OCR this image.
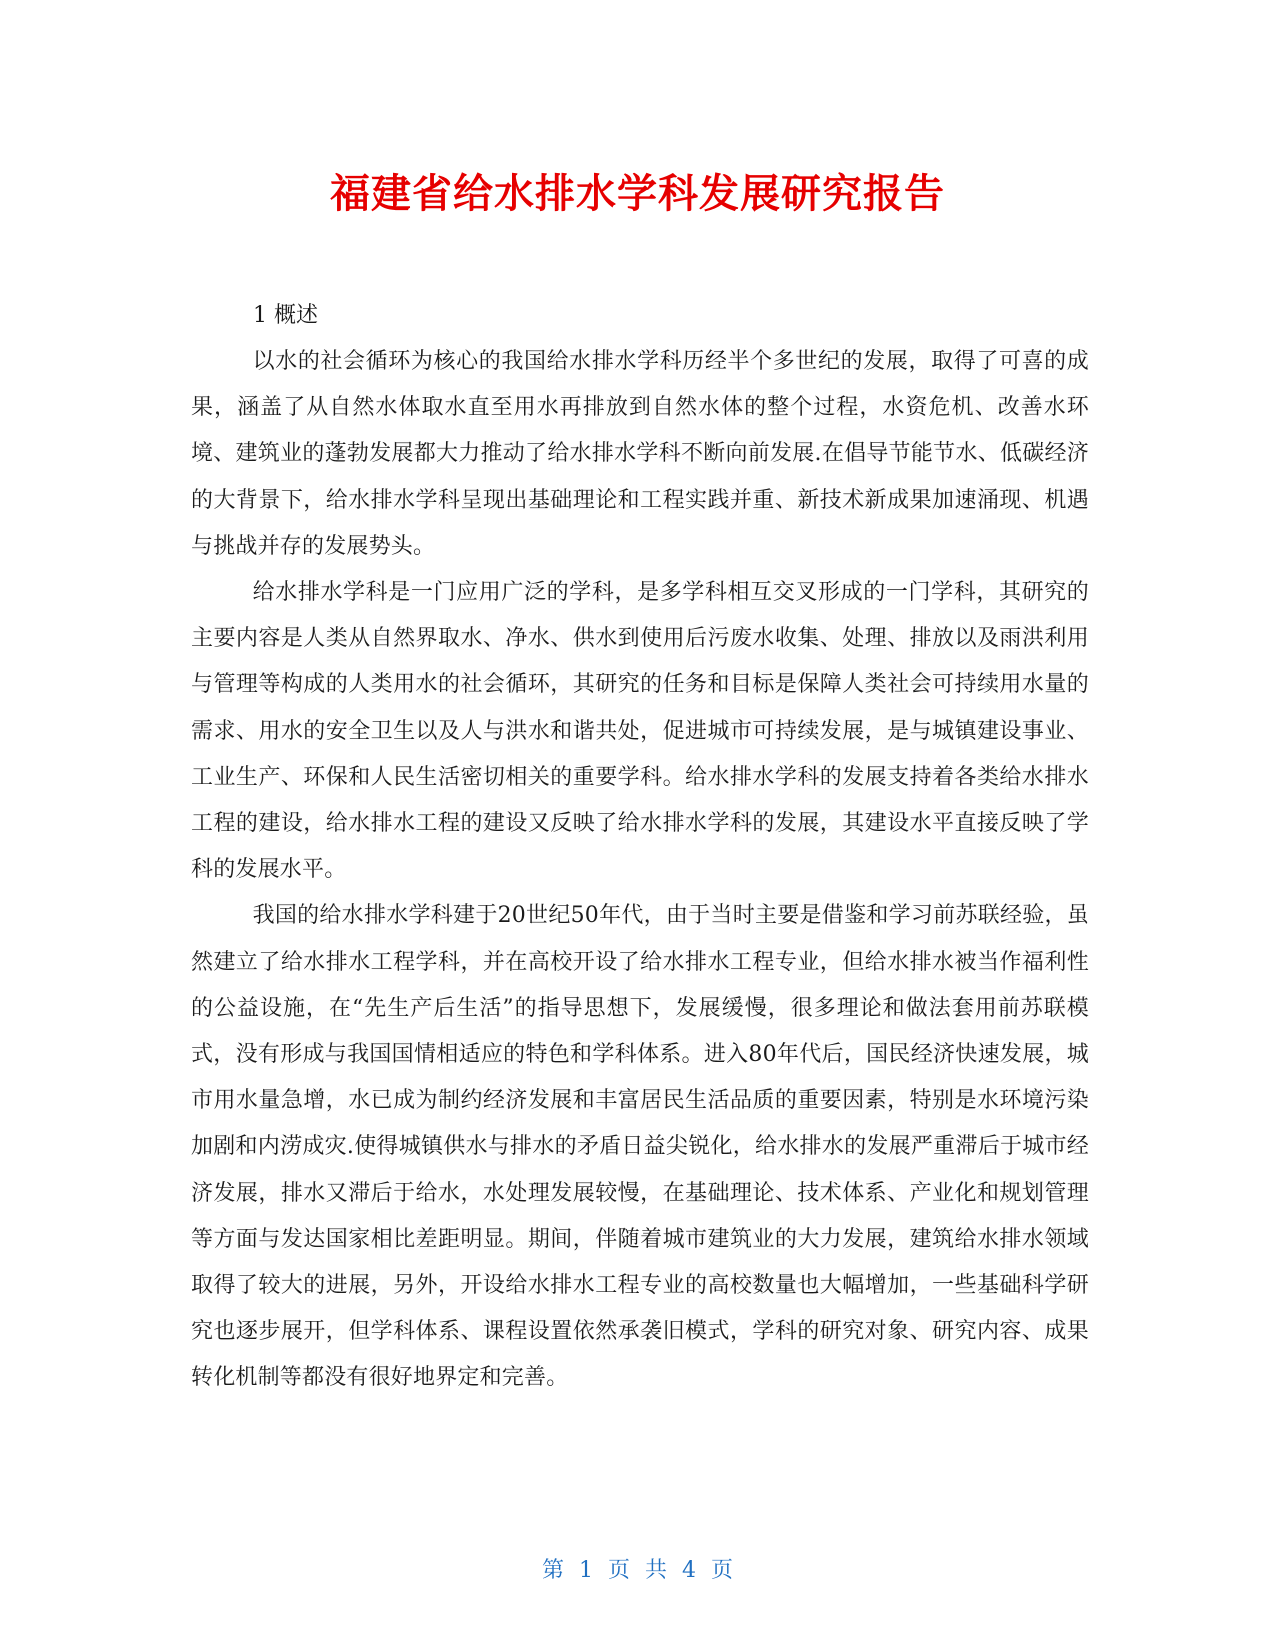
福建省给水排水学科发展研究报告

1 概述

以水的社会循环为核心的我国给水排水学科历经半个多世纪的发展，取得了可喜的成果，涵盖了从自然水体取水直至用水再排放到自然水体的整个过程，水资危机、改善水环境、建筑业的蓬勃发展都大力推动了给水排水学科不断向前发展.在倡导节能节水、低碳经济的大背景下，给水排水学科呈现出基础理论和工程实践并重、新技术新成果加速涌现、机遇与挑战并存的发展势头。

给水排水学科是一门应用广泛的学科，是多学科相互交叉形成的一门学科，其研究的主要内容是人类从自然界取水、净水、供水到使用后污废水收集、处理、排放以及雨洪利用与管理等构成的人类用水的社会循环，其研究的任务和目标是保障人类社会可持续用水量的需求、用水的安全卫生以及人与洪水和谐共处，促进城市可持续发展，是与城镇建设事业、工业生产、环保和人民生活密切相关的重要学科。给水排水学科的发展支持着各类给水排水工程的建设，给水排水工程的建设又反映了给水排水学科的发展，其建设水平直接反映了学科的发展水平。

我国的给水排水学科建于20世纪50年代，由于当时主要是借鉴和学习前苏联经验，虽然建立了给水排水工程学科，并在高校开设了给水排水工程专业，但给水排水被当作福利性的公益设施，在“先生产后生活”的指导思想下，发展缓慢，很多理论和做法套用前苏联模式，没有形成与我国国情相适应的特色和学科体系。进入80年代后，国民经济快速发展，城市用水量急增，水已成为制约经济发展和丰富居民生活品质的重要因素，特别是水环境污染加剧和内涝成灾.使得城镇供水与排水的矛盾日益尖锐化，给水排水的发展严重滞后于城市经济发展，排水又滞后于给水，水处理发展较慢，在基础理论、技术体系、产业化和规划管理等方面与发达国家相比差距明显。期间，伴随着城市建筑业的大力发展，建筑给水排水领域取得了较大的进展，另外，开设给水排水工程专业的高校数量也大幅增加，一些基础科学研究也逐步展开，但学科体系、课程设置依然承袭旧模式，学科的研究对象、研究内容、成果转化机制等都没有很好地界定和完善。

第 1 页 共 4 页
